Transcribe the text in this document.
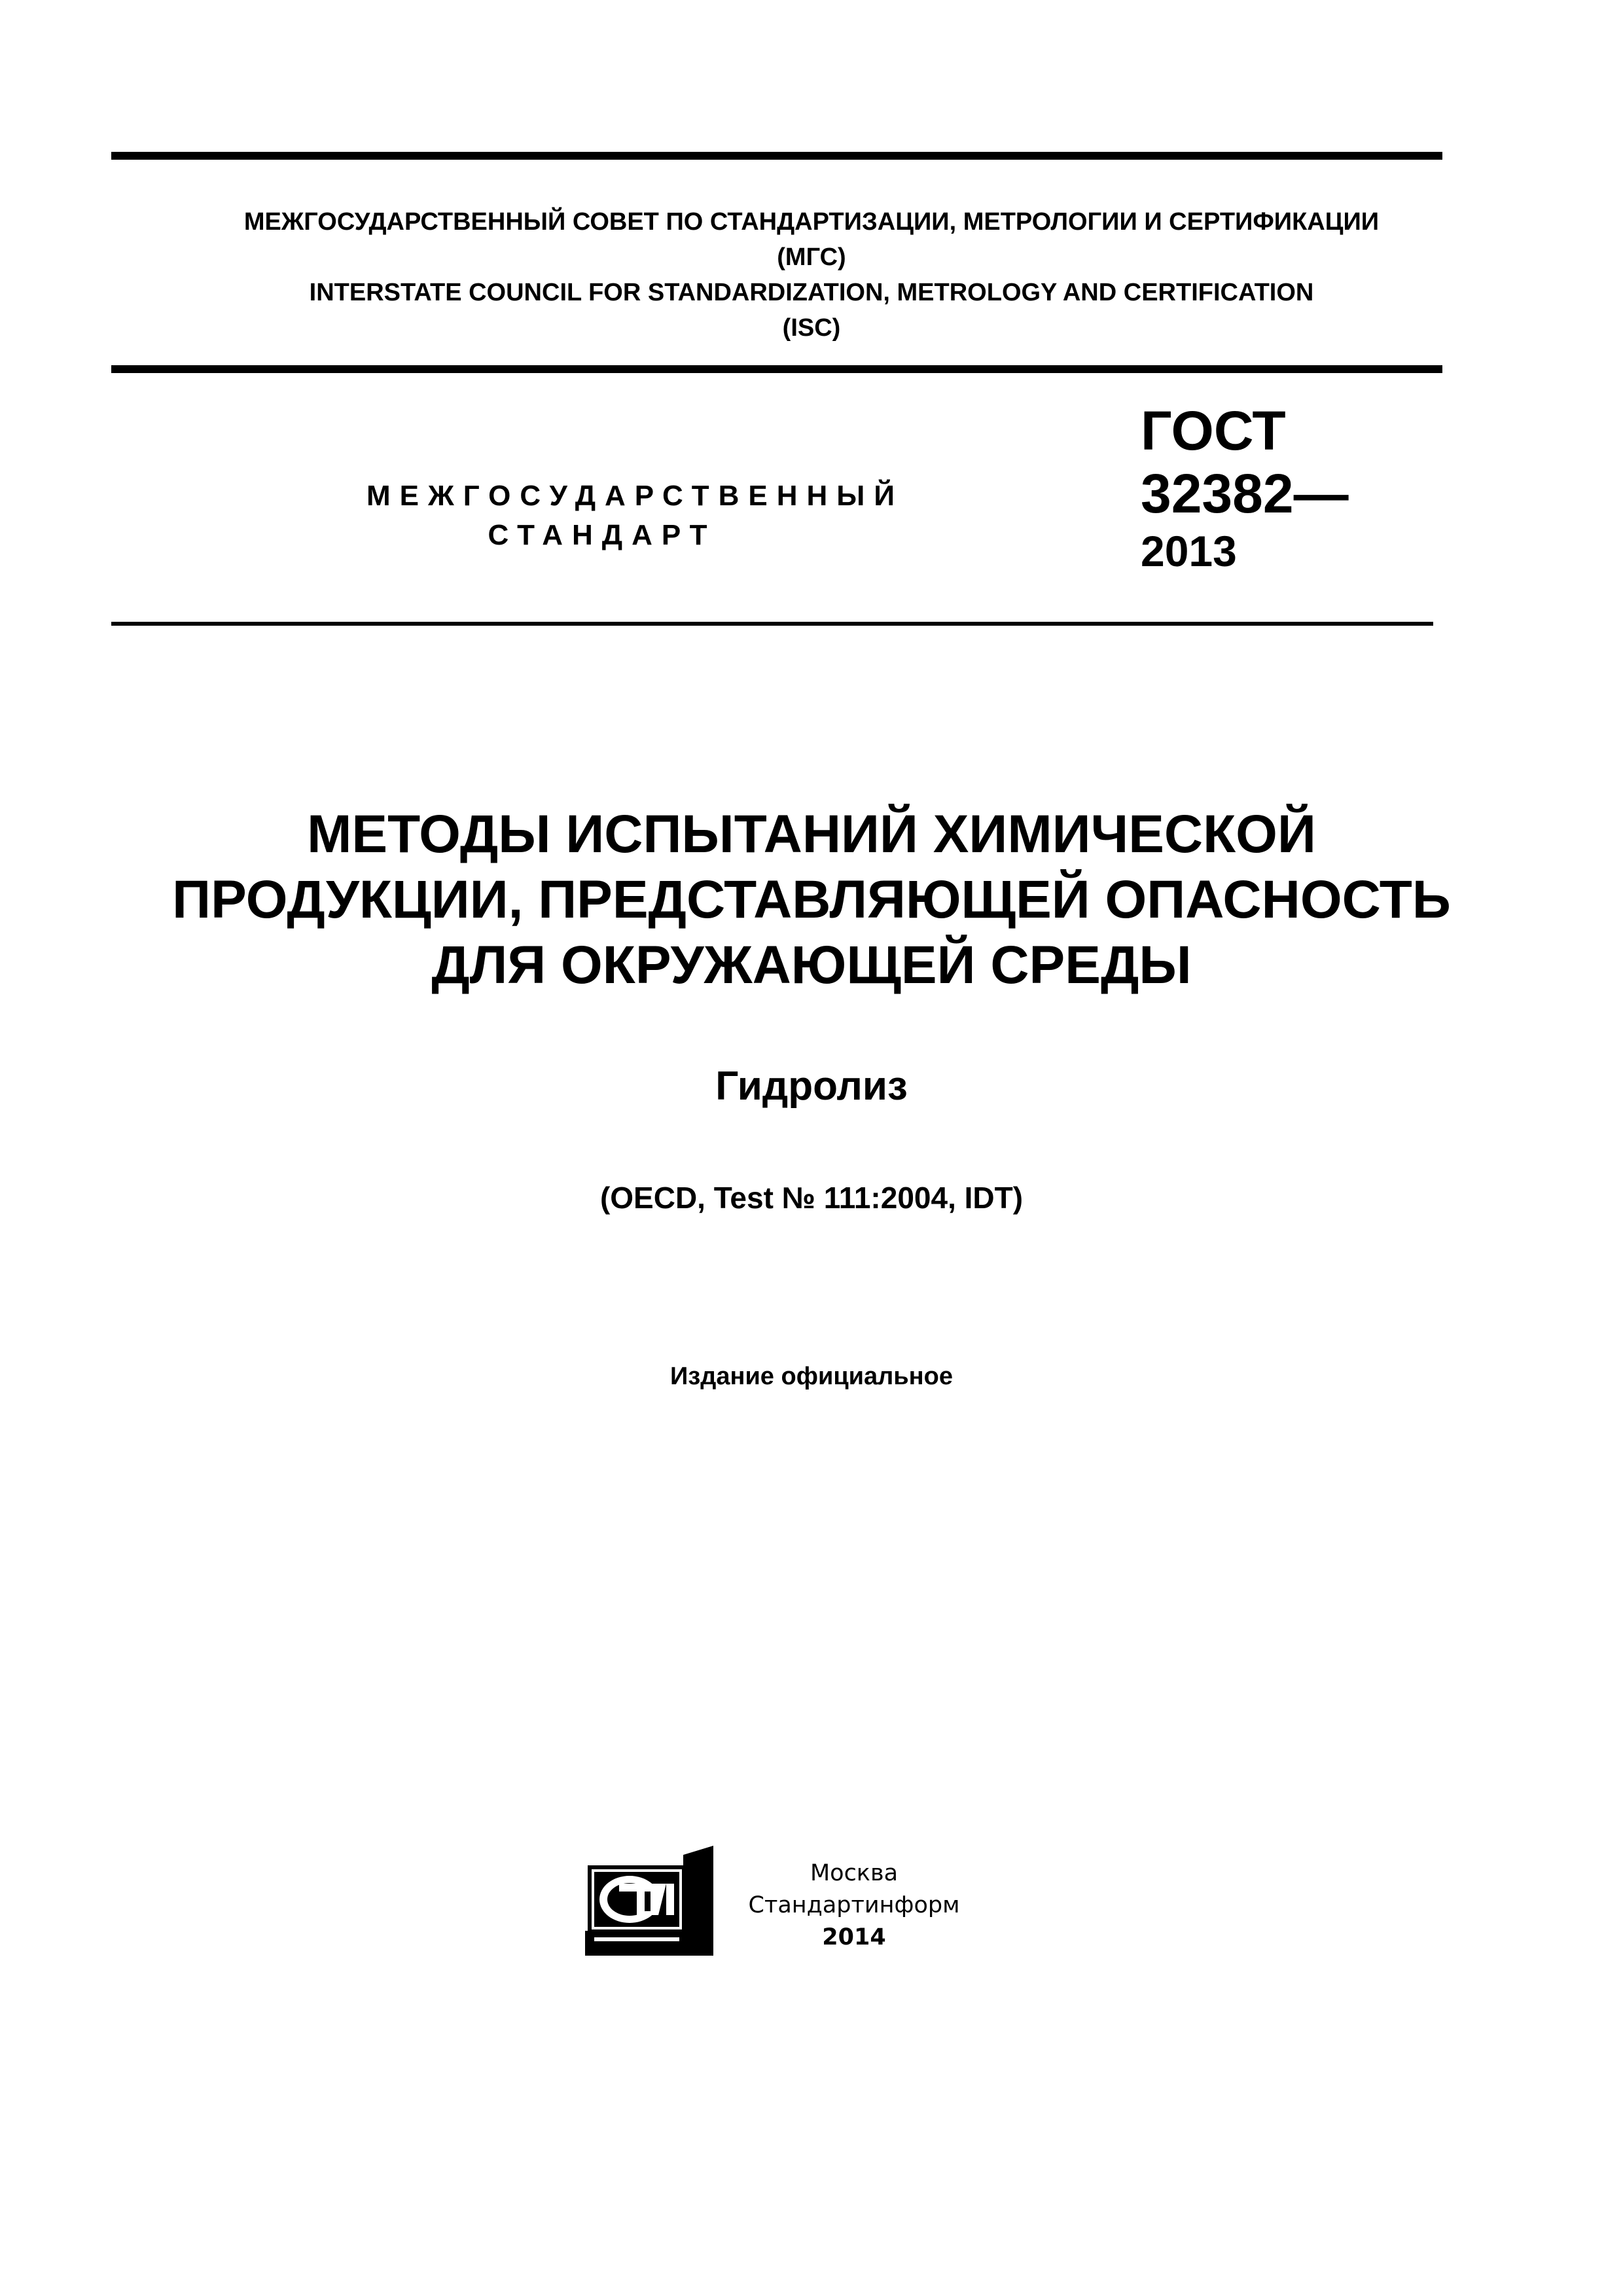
МЕЖГОСУДАРСТВЕННЫЙ СОВЕТ ПО СТАНДАРТИЗАЦИИ, МЕТРОЛОГИИ И СЕРТИФИКАЦИИ
(МГС)
INTERSTATE COUNCIL FOR STANDARDIZATION, METROLOGY AND CERTIFICATION
(ISC)
МЕЖГОСУДАРСТВЕННЫЙ
СТАНДАРТ
ГОСТ
32382—
2013
МЕТОДЫ ИСПЫТАНИЙ ХИМИЧЕСКОЙ
ПРОДУКЦИИ, ПРЕДСТАВЛЯЮЩЕЙ ОПАСНОСТЬ
ДЛЯ ОКРУЖАЮЩЕЙ СРЕДЫ
Гидролиз
(OECD, Test № 111:2004, IDT)
Издание официальное
Москва
Стандартинформ
2014
